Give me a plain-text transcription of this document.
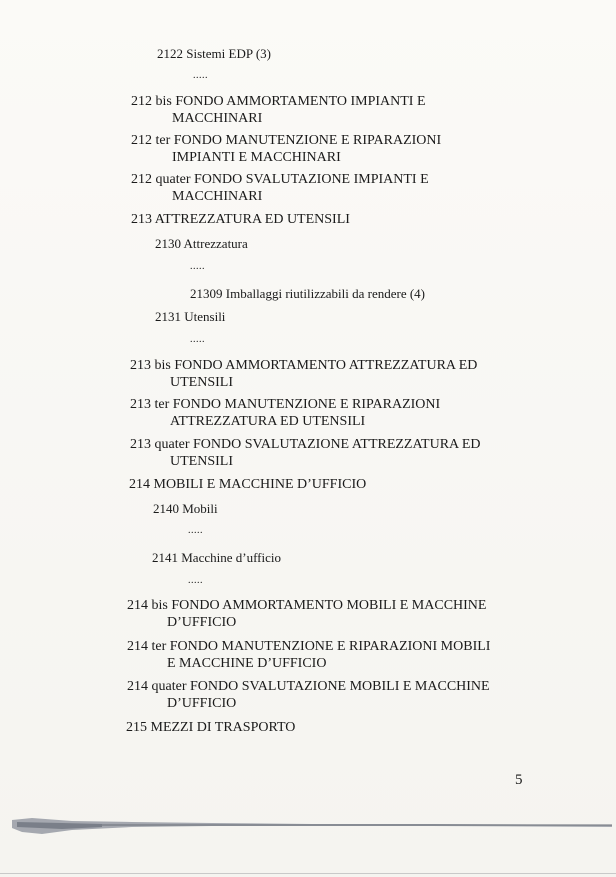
2122 Sistemi EDP (3)
.....
212 bis FONDO AMMORTAMENTO IMPIANTI E
MACCHINARI
212 ter FONDO MANUTENZIONE E RIPARAZIONI
IMPIANTI E MACCHINARI
212 quater FONDO SVALUTAZIONE IMPIANTI E
MACCHINARI
213 ATTREZZATURA ED UTENSILI
2130 Attrezzatura
.....
21309 Imballaggi riutilizzabili da rendere (4)
2131 Utensili
.....
213 bis FONDO AMMORTAMENTO ATTREZZATURA ED
UTENSILI
213 ter FONDO MANUTENZIONE E RIPARAZIONI
ATTREZZATURA ED UTENSILI
213 quater FONDO SVALUTAZIONE ATTREZZATURA ED
UTENSILI
214 MOBILI E MACCHINE D’UFFICIO
2140 Mobili
.....
2141 Macchine d’ufficio
.....
214 bis FONDO AMMORTAMENTO MOBILI E MACCHINE
D’UFFICIO
214 ter FONDO MANUTENZIONE E RIPARAZIONI MOBILI
E MACCHINE D’UFFICIO
214 quater FONDO SVALUTAZIONE MOBILI E MACCHINE
D’UFFICIO
215 MEZZI DI TRASPORTO
5
